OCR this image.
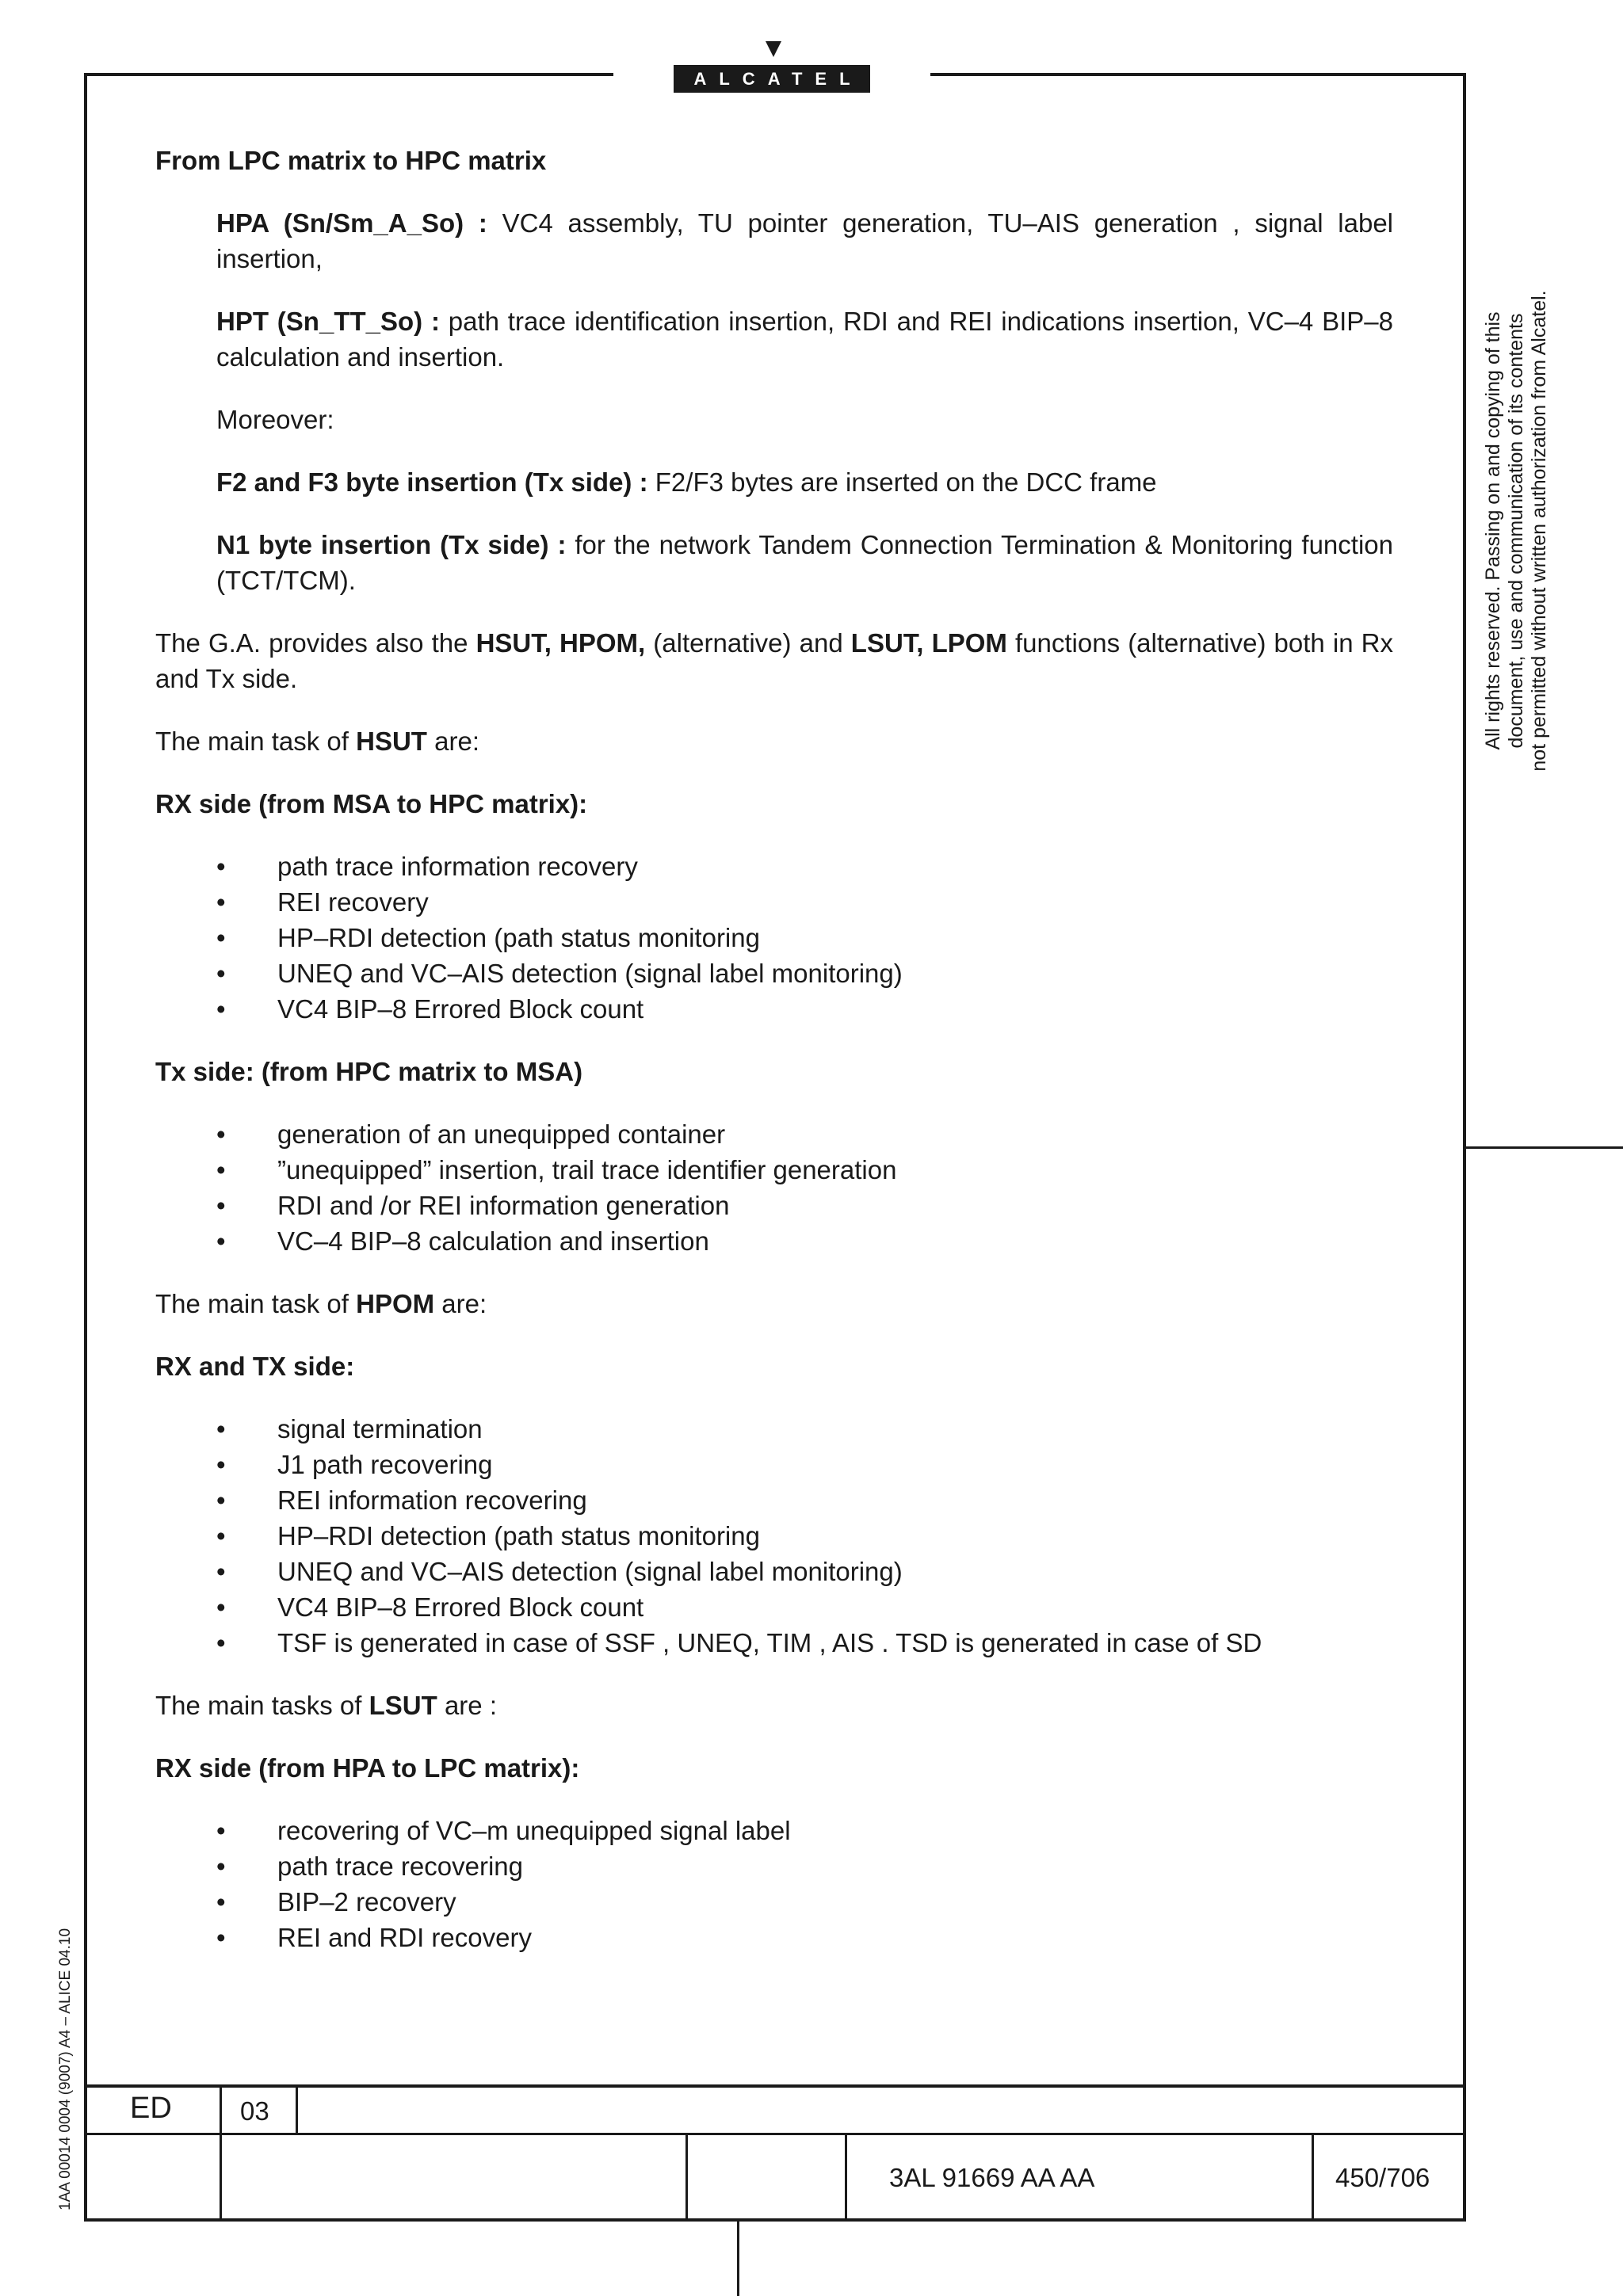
ALCATEL
ED	03
3AL 91669 AA AA	450/706
All rights reserved. Passing on and copying of this document, use and communication of its contents not permitted without written authorization from Alcatel.
1AA 00014 0004 (9007) A4 – ALICE 04.10

From LPC matrix to HPC matrix

HPA (Sn/Sm_A_So) : VC4 assembly, TU pointer generation, TU–AIS generation , signal label insertion,

HPT (Sn_TT_So) : path trace identification insertion, RDI and REI indications insertion, VC–4 BIP–8 calculation and insertion.

Moreover:

F2 and F3 byte insertion (Tx side) : F2/F3 bytes are inserted on the DCC frame

N1 byte insertion (Tx side) : for the network Tandem Connection Termination & Monitoring function (TCT/TCM).

The G.A. provides also the HSUT, HPOM, (alternative) and LSUT, LPOM functions (alternative) both in Rx and Tx side.

The main task of HSUT are:

RX side (from MSA to HPC matrix):

• path trace information recovery
• REI recovery
• HP–RDI detection (path status monitoring
• UNEQ and VC–AIS detection (signal label monitoring)
• VC4 BIP–8 Errored Block count

Tx side: (from HPC matrix to MSA)

• generation of an unequipped container
• ”unequipped” insertion, trail trace identifier generation
• RDI and /or REI information generation
• VC–4 BIP–8 calculation and insertion

The main task of HPOM are:

RX and TX side:

• signal termination
• J1 path recovering
• REI information recovering
• HP–RDI detection (path status monitoring
• UNEQ and VC–AIS detection (signal label monitoring)
• VC4 BIP–8 Errored Block count
• TSF is generated in case of SSF , UNEQ, TIM , AIS . TSD is generated in case of SD

The main tasks of LSUT are :

RX side (from HPA to LPC matrix):

• recovering of VC–m unequipped signal label
• path trace recovering
• BIP–2 recovery
• REI and RDI recovery
